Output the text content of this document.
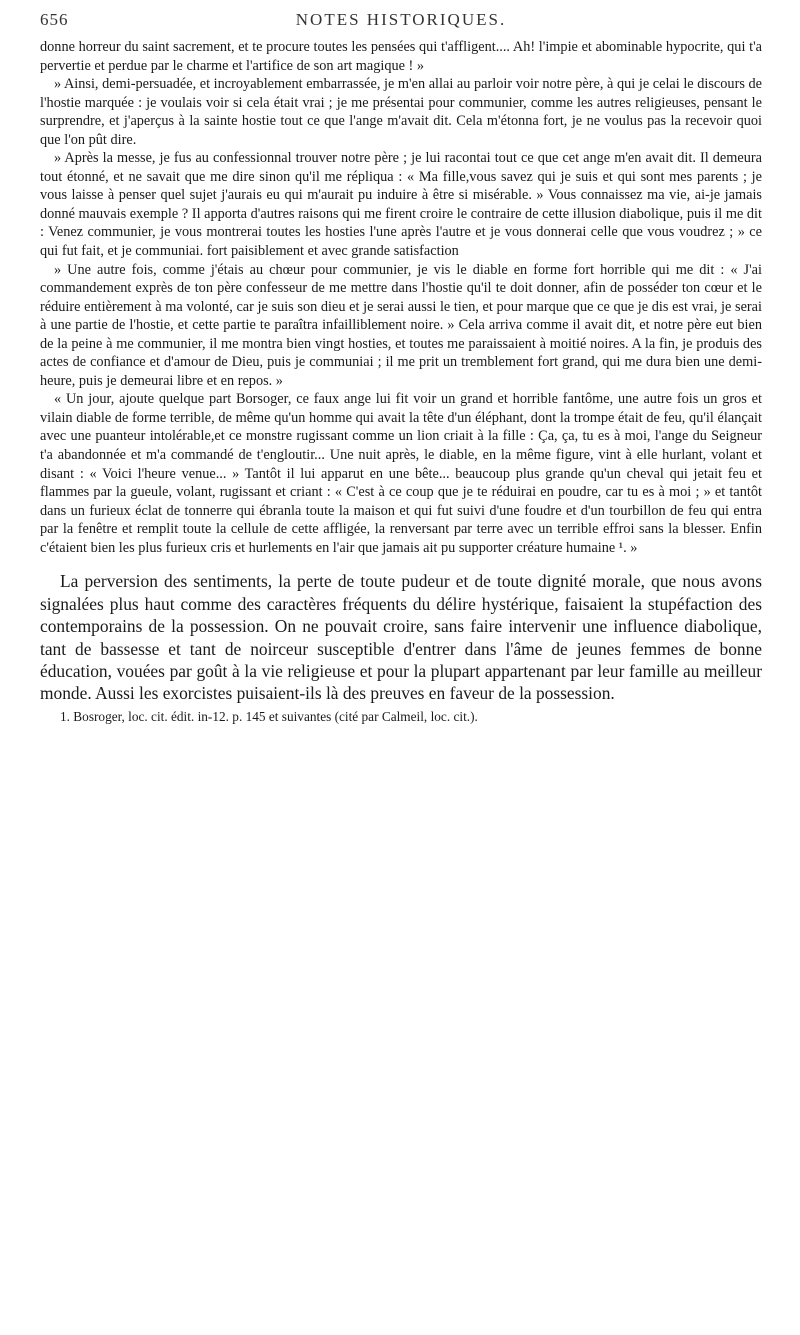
656	NOTES HISTORIQUES.

donne horreur du saint sacrement, et te procure toutes les pensées qui t'affligent.... Ah! l'impie et abominable hypocrite, qui t'a pervertie et perdue par le charme et l'artifice de son art magique ! »

» Ainsi, demi-persuadée, et incroyablement embarrassée, je m'en allai au parloir voir notre père, à qui je celai le discours de l'hostie marquée : je voulais voir si cela était vrai ; je me présentai pour communier, comme les autres religieuses, pensant le surprendre, et j'aperçus à la sainte hostie tout ce que l'ange m'avait dit. Cela m'étonna fort, je ne voulus pas la recevoir quoi que l'on pût dire.

» Après la messe, je fus au confessionnal trouver notre père ; je lui racontai tout ce que cet ange m'en avait dit. Il demeura tout étonné, et ne savait que me dire sinon qu'il me répliqua : « Ma fille,vous savez qui je suis et qui sont mes parents ; je vous laisse à penser quel sujet j'aurais eu qui m'aurait pu induire à être si misérable. » Vous connaissez ma vie, ai-je jamais donné mauvais exemple ? Il apporta d'autres raisons qui me firent croire le contraire de cette illusion diabolique, puis il me dit : Venez communier, je vous montrerai toutes les hosties l'une après l'autre et je vous donnerai celle que vous voudrez ; » ce qui fut fait, et je communiai. fort paisiblement et avec grande satisfaction

» Une autre fois, comme j'étais au chœur pour communier, je vis le diable en forme fort horrible qui me dit : « J'ai commandement exprès de ton père confesseur de me mettre dans l'hostie qu'il te doit donner, afin de posséder ton cœur et le réduire entièrement à ma volonté, car je suis son dieu et je serai aussi le tien, et pour marque que ce que je dis est vrai, je serai à une partie de l'hostie, et cette partie te paraîtra infailliblement noire. » Cela arriva comme il avait dit, et notre père eut bien de la peine à me communier, il me montra bien vingt hosties, et toutes me paraissaient à moitié noires. A la fin, je produis des actes de confiance et d'amour de Dieu, puis je communiai ; il me prit un tremblement fort grand, qui me dura bien une demi-heure, puis je demeurai libre et en repos. »

« Un jour, ajoute quelque part Borsoger, ce faux ange lui fit voir un grand et horrible fantôme, une autre fois un gros et vilain diable de forme terrible, de même qu'un homme qui avait la tête d'un éléphant, dont la trompe était de feu, qu'il élançait avec une puanteur intolérable,et ce monstre rugissant comme un lion criait à la fille : Ça, ça, tu es à moi, l'ange du Seigneur t'a abandonnée et m'a commandé de t'engloutir... Une nuit après, le diable, en la même figure, vint à elle hurlant, volant et disant : « Voici l'heure venue... » Tantôt il lui apparut en une bête... beaucoup plus grande qu'un cheval qui jetait feu et flammes par la gueule, volant, rugissant et criant : « C'est à ce coup que je te réduirai en poudre, car tu es à moi ; » et tantôt dans un furieux éclat de tonnerre qui ébranla toute la maison et qui fut suivi d'une foudre et d'un tourbillon de feu qui entra par la fenêtre et remplit toute la cellule de cette affligée, la renversant par terre avec un terrible effroi sans la blesser. Enfin c'étaient bien les plus furieux cris et hurlements en l'air que jamais ait pu supporter créature humaine ¹. »

La perversion des sentiments, la perte de toute pudeur et de toute dignité morale, que nous avons signalées plus haut comme des caractères fréquents du délire hystérique, faisaient la stupéfaction des contemporains de la possession. On ne pouvait croire, sans faire intervenir une influence diabolique, tant de bassesse et tant de noirceur susceptible d'entrer dans l'âme de jeunes femmes de bonne éducation, vouées par goût à la vie religieuse et pour la plupart appartenant par leur famille au meilleur monde. Aussi les exorcistes puisaient-ils là des preuves en faveur de la possession.

1. Bosroger, loc. cit. édit. in-12. p. 145 et suivantes (cité par Calmeil, loc. cit.).
